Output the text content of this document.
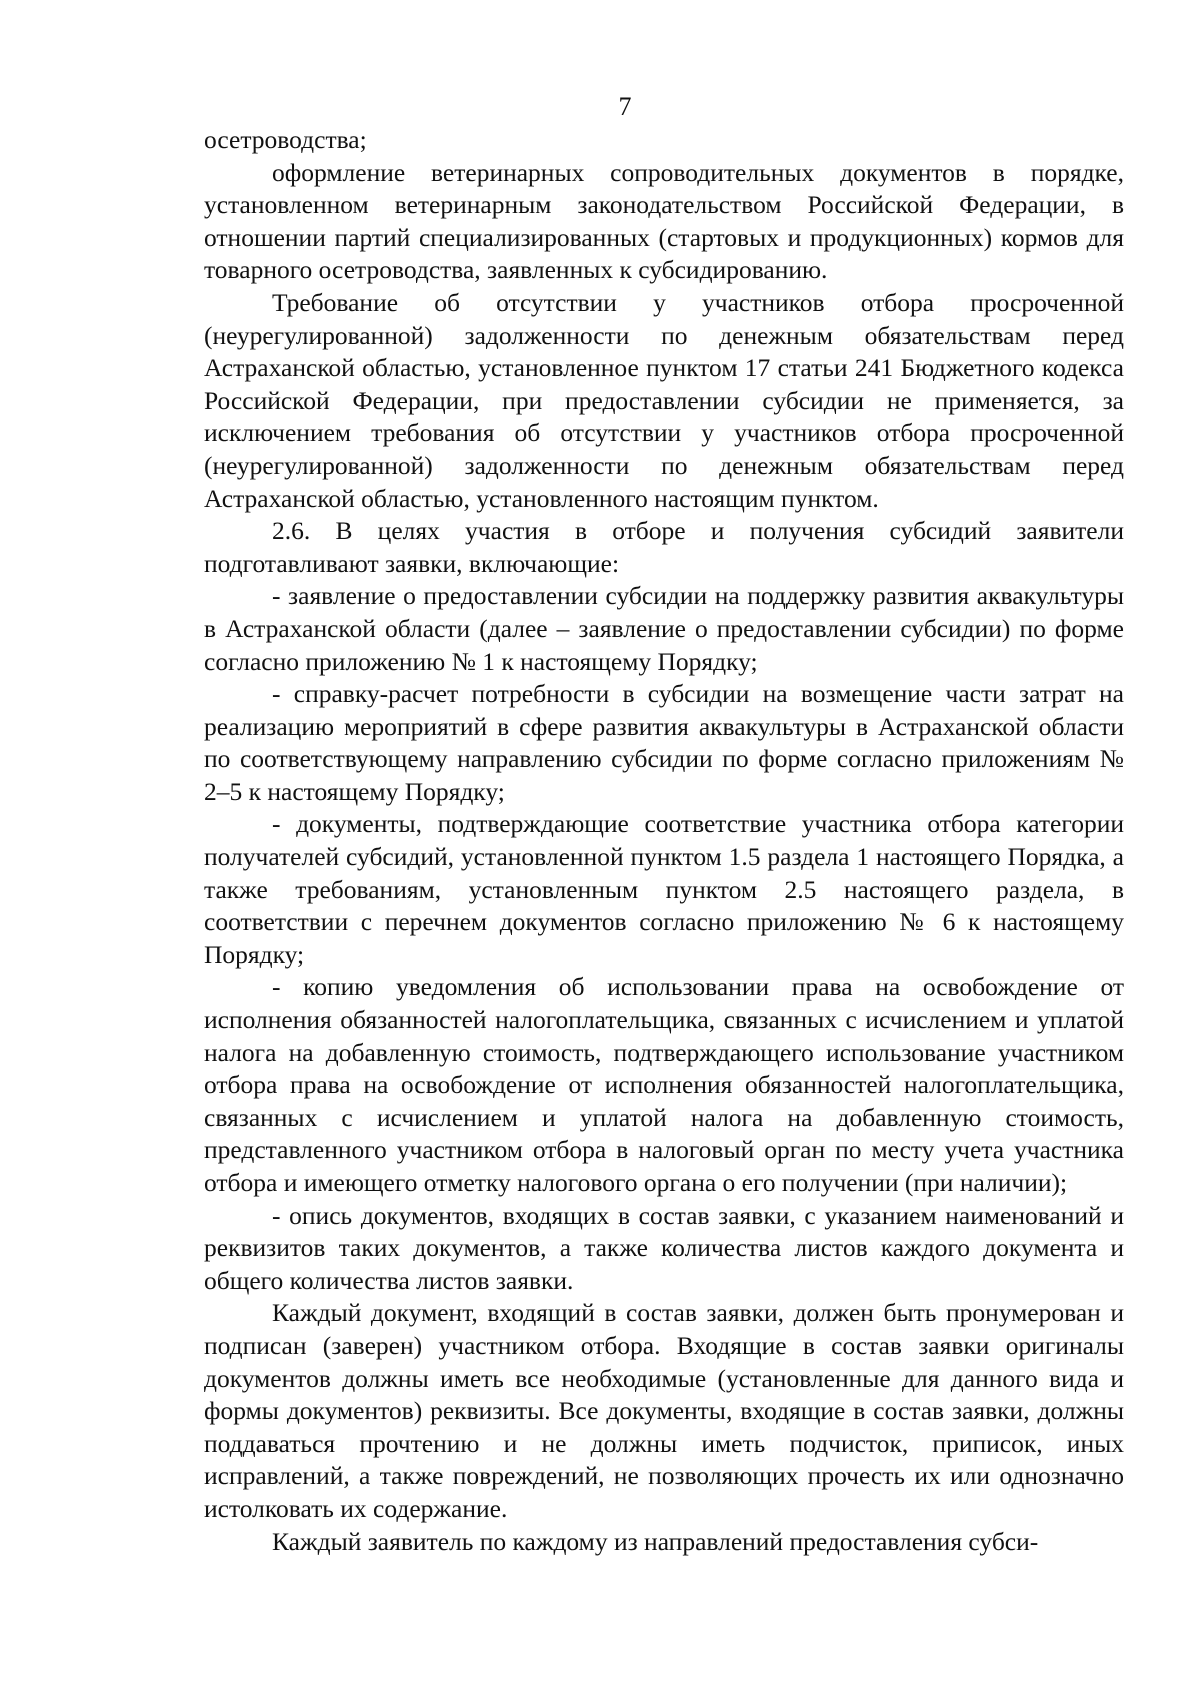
7

осетроводства;

оформление ветеринарных сопроводительных документов в порядке, установленном ветеринарным законодательством Российской Федерации, в отношении партий специализированных (стартовых и продукционных) кормов для товарного осетроводства, заявленных к субсидированию.

Требование об отсутствии у участников отбора просроченной (неурегулированной) задолженности по денежным обязательствам перед Астраханской областью, установленное пунктом 17 статьи 241 Бюджетного кодекса Российской Федерации, при предоставлении субсидии не применяется, за исключением требования об отсутствии у участников отбора просроченной (неурегулированной) задолженности по денежным обязательствам перед Астраханской областью, установленного настоящим пунктом.

2.6. В целях участия в отборе и получения субсидий заявители подготавливают заявки, включающие:

- заявление о предоставлении субсидии на поддержку развития аквакультуры в Астраханской области (далее – заявление о предоставлении субсидии) по форме согласно приложению № 1 к настоящему Порядку;

- справку-расчет потребности в субсидии на возмещение части затрат на реализацию мероприятий в сфере развития аквакультуры в Астраханской области по соответствующему направлению субсидии по форме согласно приложениям № 2–5 к настоящему Порядку;

- документы, подтверждающие соответствие участника отбора категории получателей субсидий, установленной пунктом 1.5 раздела 1 настоящего Порядка, а также требованиям, установленным пунктом 2.5 настоящего раздела, в соответствии с перечнем документов согласно приложению № 6 к настоящему Порядку;

- копию уведомления об использовании права на освобождение от исполнения обязанностей налогоплательщика, связанных с исчислением и уплатой налога на добавленную стоимость, подтверждающего использование участником отбора права на освобождение от исполнения обязанностей налогоплательщика, связанных с исчислением и уплатой налога на добавленную стоимость, представленного участником отбора в налоговый орган по месту учета участника отбора и имеющего отметку налогового органа о его получении (при наличии);

- опись документов, входящих в состав заявки, с указанием наименований и реквизитов таких документов, а также количества листов каждого документа и общего количества листов заявки.

Каждый документ, входящий в состав заявки, должен быть пронумерован и подписан (заверен) участником отбора. Входящие в состав заявки оригиналы документов должны иметь все необходимые (установленные для данного вида и формы документов) реквизиты. Все документы, входящие в состав заявки, должны поддаваться прочтению и не должны иметь подчисток, приписок, иных исправлений, а также повреждений, не позволяющих прочесть их или однозначно истолковать их содержание.

Каждый заявитель по каждому из направлений предоставления субси-
